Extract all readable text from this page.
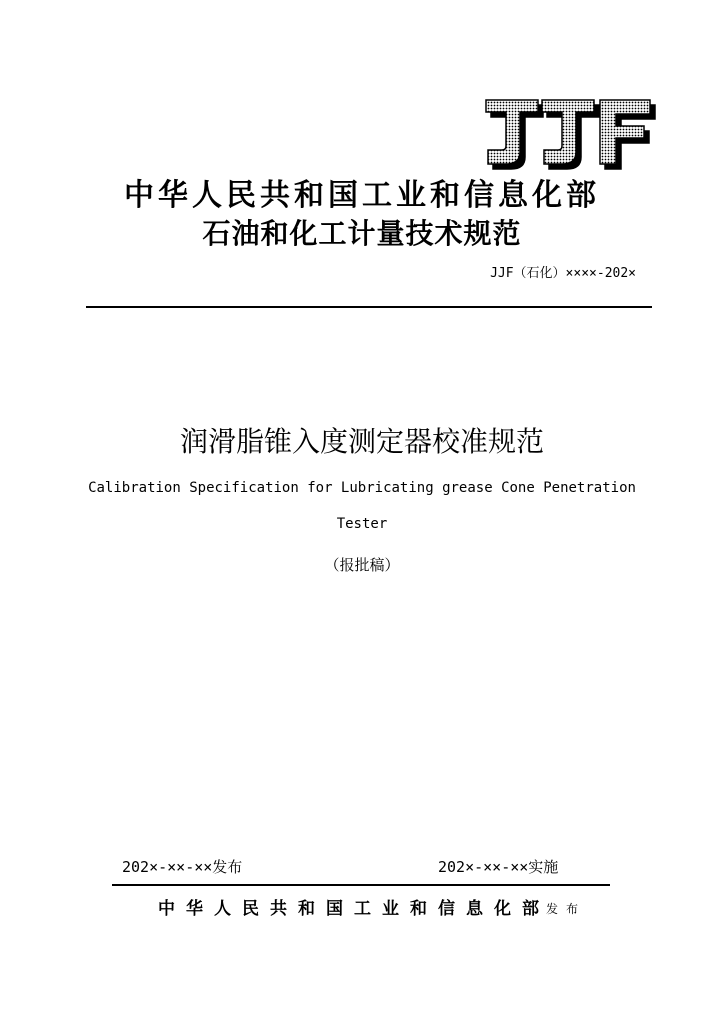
中华人民共和国工业和信息化部
石油和化工计量技术规范
JJF（石化）××××-202×
润滑脂锥入度测定器校准规范
Calibration Specification for Lubricating grease Cone Penetration
Tester
（报批稿）
202×-××-××发布	202×-××-××实施
中华人民共和国工业和信息化部
发布
